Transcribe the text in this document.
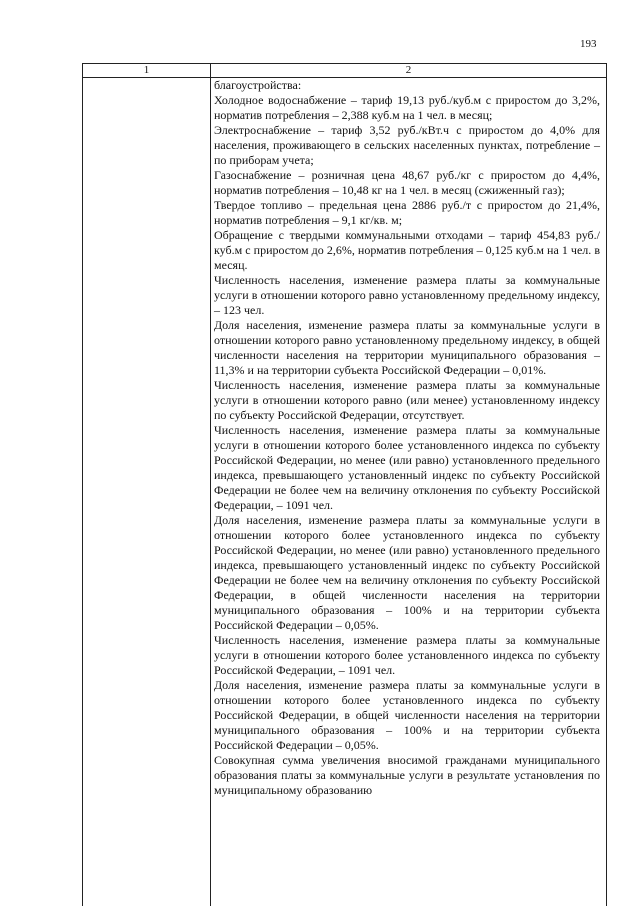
193
1	2

благоустройства:

Холодное водоснабжение – тариф 19,13 руб./куб.м с приростом до 3,2%, норматив потребления – 2,388 куб.м на 1 чел. в месяц;

Электроснабжение – тариф 3,52 руб./кВт.ч с приростом до 4,0% для населения, проживающего в сельских населенных пунктах, потребление – по приборам учета;

Газоснабжение – розничная цена 48,67 руб./кг с приростом до 4,4%, норматив потребления – 10,48 кг на 1 чел. в месяц (сжиженный газ);

Твердое топливо – предельная цена 2886 руб./т с приростом до 21,4%, норматив потребления – 9,1 кг/кв. м;

Обращение с твердыми коммунальными отходами – тариф 454,83 руб./куб.м с приростом до 2,6%, норматив потребления – 0,125 куб.м на 1 чел. в месяц.

Численность населения, изменение размера платы за коммунальные услуги в отношении которого равно установленному предельному индексу, – 123 чел.

Доля населения, изменение размера платы за коммунальные услуги в отношении которого равно установленному предельному индексу, в общей численности населения на территории муниципального образования – 11,3% и на территории субъекта Российской Федерации – 0,01%.

Численность населения, изменение размера платы за коммунальные услуги в отношении которого равно (или менее) установленному индексу по субъекту Российской Федерации, отсутствует.

Численность населения, изменение размера платы за коммунальные услуги в отношении которого более установленного индекса по субъекту Российской Федерации, но менее (или равно) установленного предельного индекса, превышающего установленный индекс по субъекту Российской Федерации не более чем на величину отклонения по субъекту Российской Федерации, – 1091 чел.

Доля населения, изменение размера платы за коммунальные услуги в отношении которого более установленного индекса по субъекту Российской Федерации, но менее (или равно) установленного предельного индекса, превышающего установленный индекс по субъекту Российской Федерации не более чем на величину отклонения по субъекту Российской Федерации, в общей численности населения на территории муниципального образования – 100% и на территории субъекта Российской Федерации – 0,05%.

Численность населения, изменение размера платы за коммунальные услуги в отношении которого более установленного индекса по субъекту Российской Федерации, – 1091 чел.

Доля населения, изменение размера платы за коммунальные услуги в отношении которого более установленного индекса по субъекту Российской Федерации, в общей численности населения на территории муниципального образования – 100% и на территории субъекта Российской Федерации – 0,05%.

Совокупная сумма увеличения вносимой гражданами муниципального образования платы за коммунальные услуги в результате установления по муниципальному образованию
